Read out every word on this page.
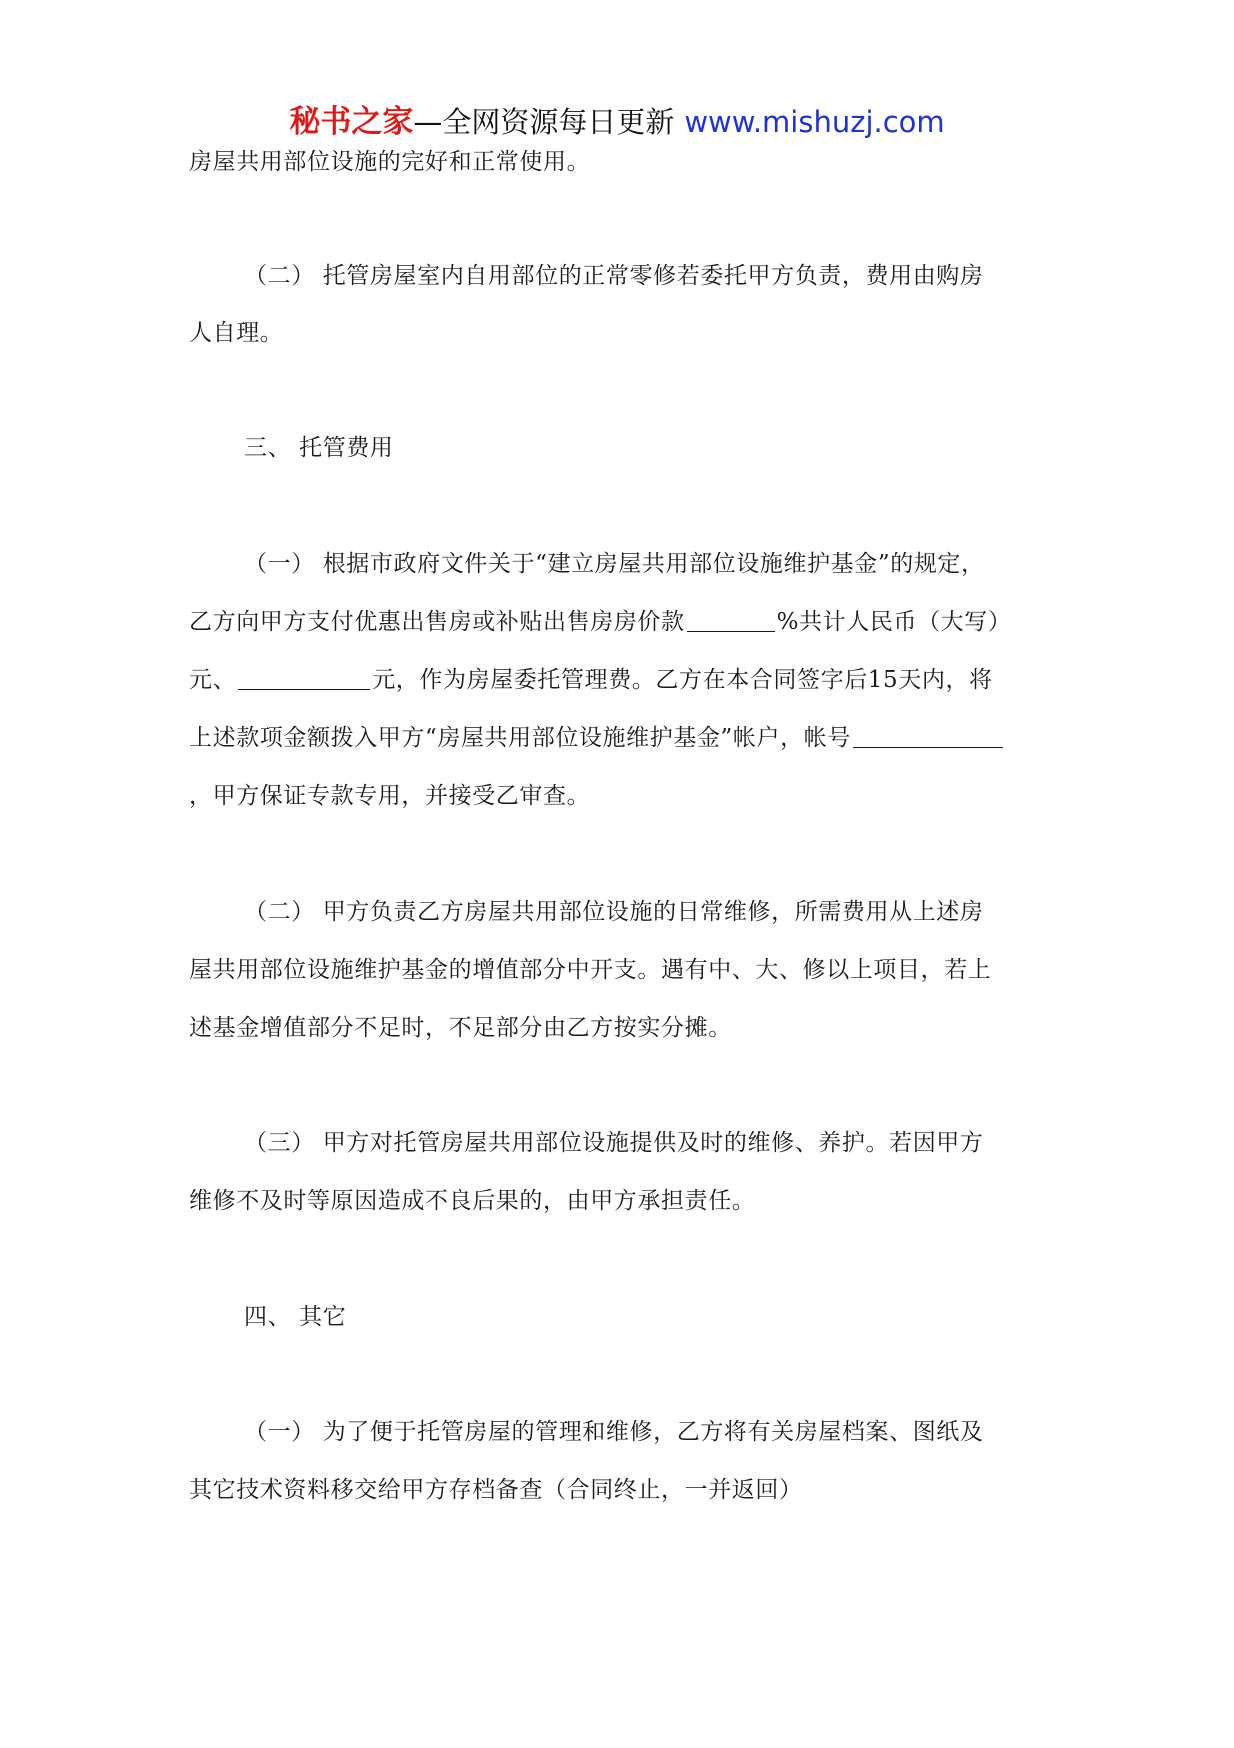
秘书之家—全网资源每日更新 www.mishuzj.com
房屋共用部位设施的完好和正常使用。
（二） 托管房屋室内自用部位的正常零修若委托甲方负责，费用由购房
人自理。
三、 托管费用
（一） 根据市政府文件关于“建立房屋共用部位设施维护基金”的规定，
乙方向甲方支付优惠出售房或补贴出售房房价款	%共计人民币（大写）
元、	元，作为房屋委托管理费。乙方在本合同签字后15天内，将
上述款项金额拨入甲方“房屋共用部位设施维护基金”帐户，帐号
，甲方保证专款专用，并接受乙审查。
（二） 甲方负责乙方房屋共用部位设施的日常维修，所需费用从上述房
屋共用部位设施维护基金的增值部分中开支。遇有中、大、修以上项目，若上
述基金增值部分不足时，不足部分由乙方按实分摊。
（三） 甲方对托管房屋共用部位设施提供及时的维修、养护。若因甲方
维修不及时等原因造成不良后果的，由甲方承担责任。
四、 其它
（一） 为了便于托管房屋的管理和维修，乙方将有关房屋档案、图纸及
其它技术资料移交给甲方存档备查（合同终止，一并返回）
